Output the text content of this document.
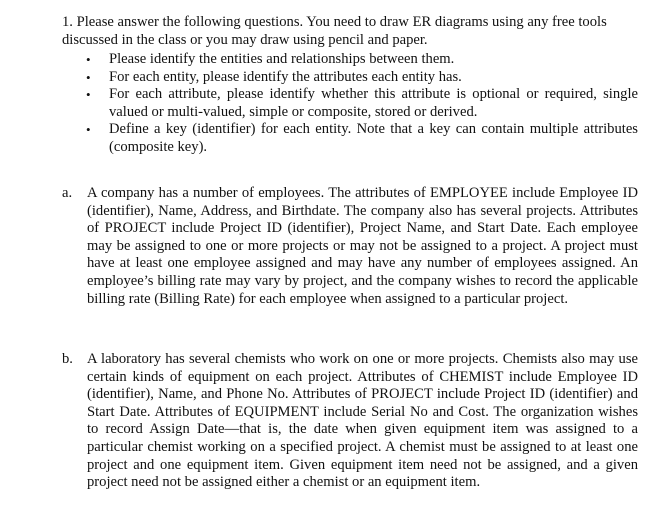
1. Please answer the following questions. You need to draw ER diagrams using any free tools discussed in the class or you may draw using pencil and paper.

• Please identify the entities and relationships between them.
• For each entity, please identify the attributes each entity has.
• For each attribute, please identify whether this attribute is optional or required, single valued or multi-valued, simple or composite, stored or derived.
• Define a key (identifier) for each entity. Note that a key can contain multiple attributes (composite key).
a. A company has a number of employees. The attributes of EMPLOYEE include Employee ID (identifier), Name, Address, and Birthdate. The company also has several projects. Attributes of PROJECT include Project ID (identifier), Project Name, and Start Date. Each employee may be assigned to one or more projects or may not be assigned to a project. A project must have at least one employee assigned and may have any number of employees assigned. An employee’s billing rate may vary by project, and the company wishes to record the applicable billing rate (Billing Rate) for each employee when assigned to a particular project.
b. A laboratory has several chemists who work on one or more projects. Chemists also may use certain kinds of equipment on each project. Attributes of CHEMIST include Employee ID (identifier), Name, and Phone No. Attributes of PROJECT include Project ID (identifier) and Start Date. Attributes of EQUIPMENT include Serial No and Cost. The organization wishes to record Assign Date—that is, the date when given equipment item was assigned to a particular chemist working on a specified project. A chemist must be assigned to at least one project and one equipment item. Given equipment item need not be assigned, and a given project need not be assigned either a chemist or an equipment item.
